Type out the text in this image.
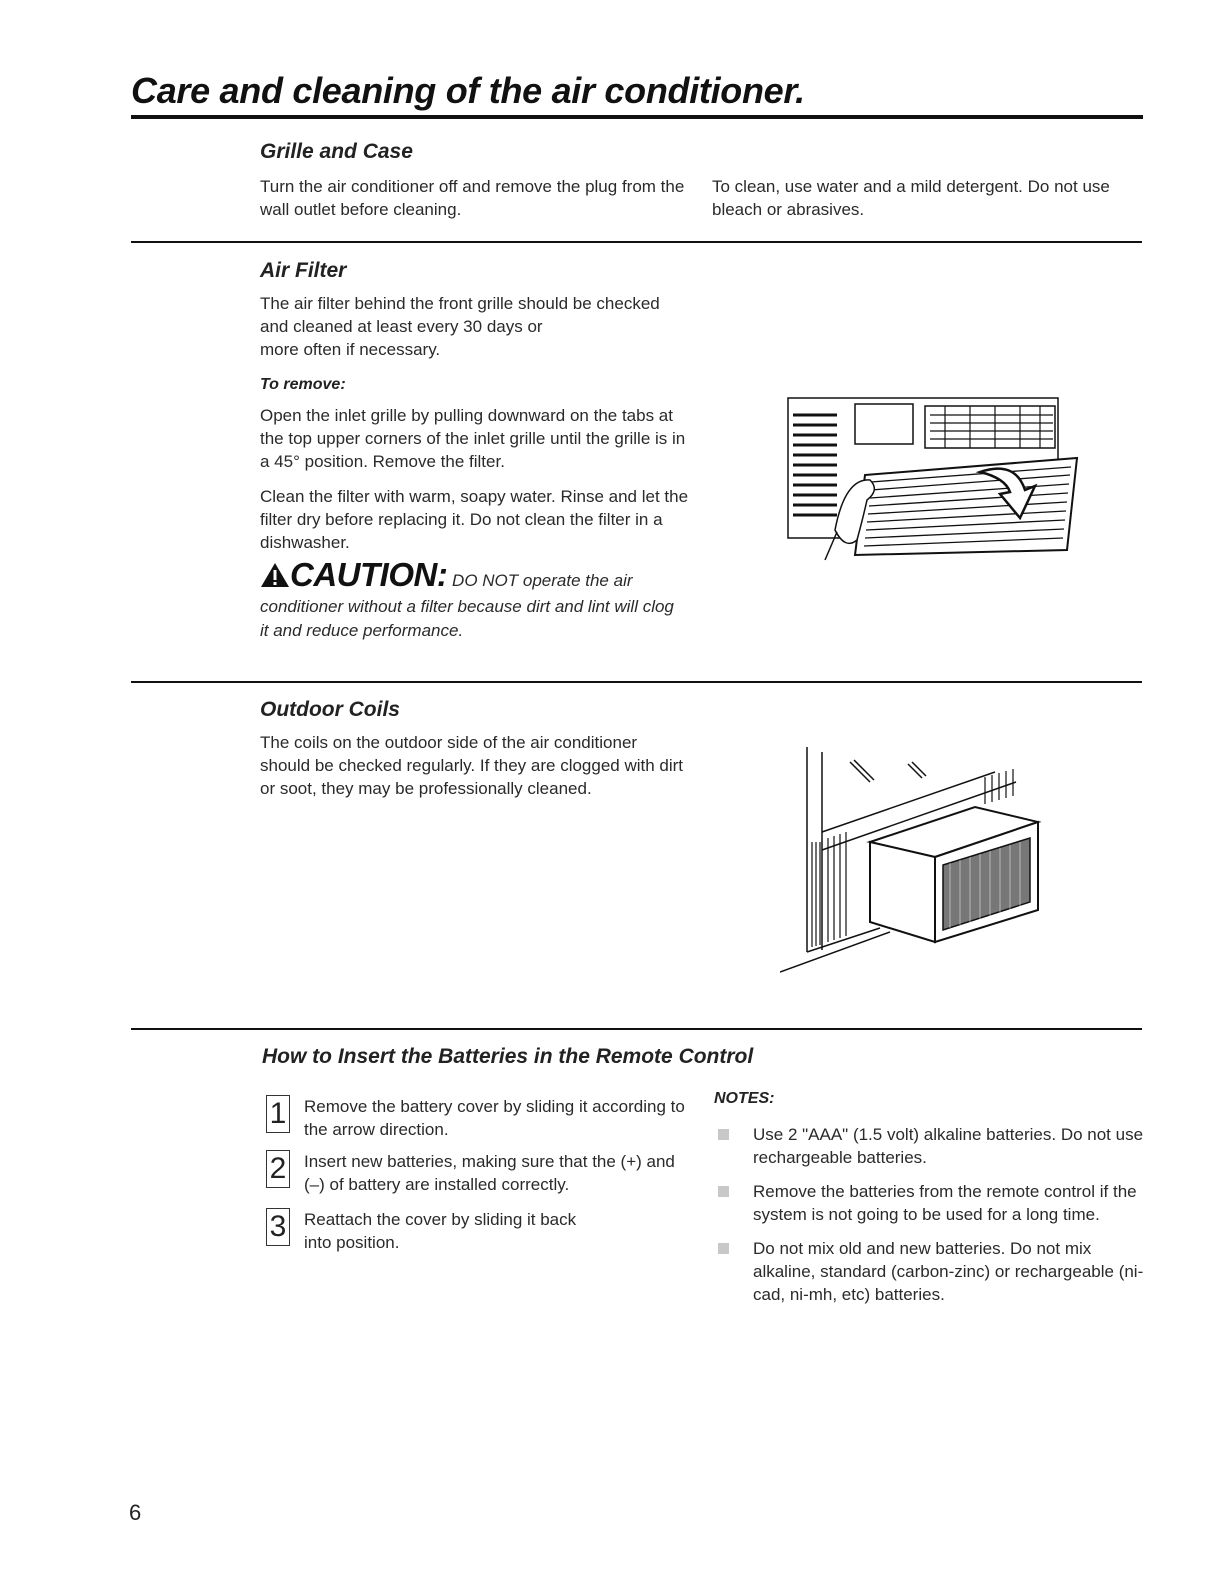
Care and cleaning of the air conditioner.
Grille and Case

Turn the air conditioner off and remove the plug from the wall outlet before cleaning.

To clean, use water and a mild detergent. Do not use bleach or abrasives.

Air Filter
The air filter behind the front grille should be checked
and cleaned at least every 30 days or
more often if necessary.

To remove:

Open the inlet grille by pulling downward on the tabs at the top upper corners of the inlet grille until the grille is in a 45° position. Remove the filter.

Clean the filter with warm, soapy water. Rinse and let the filter dry before replacing it. Do not clean the filter in a dishwasher.

CAUTION: DO NOT operate the air conditioner without a filter because dirt and lint will clog it and reduce performance.
Outdoor Coils

The coils on the outdoor side of the air conditioner should be checked regularly. If they are clogged with dirt or soot, they may be professionally cleaned.

How to Insert the Batteries in the Remote Control
1 Remove the battery cover by sliding it according to the arrow direction.
2 Insert new batteries, making sure that the (+) and (–) of battery are installed correctly.
3 Reattach the cover by sliding it back into position.

NOTES:

Use 2 "AAA" (1.5 volt) alkaline batteries. Do not use rechargeable batteries.
Remove the batteries from the remote control if the system is not going to be used for a long time.
Do not mix old and new batteries. Do not mix alkaline, standard (carbon-zinc) or rechargeable (ni-cad, ni-mh, etc) batteries.

6
